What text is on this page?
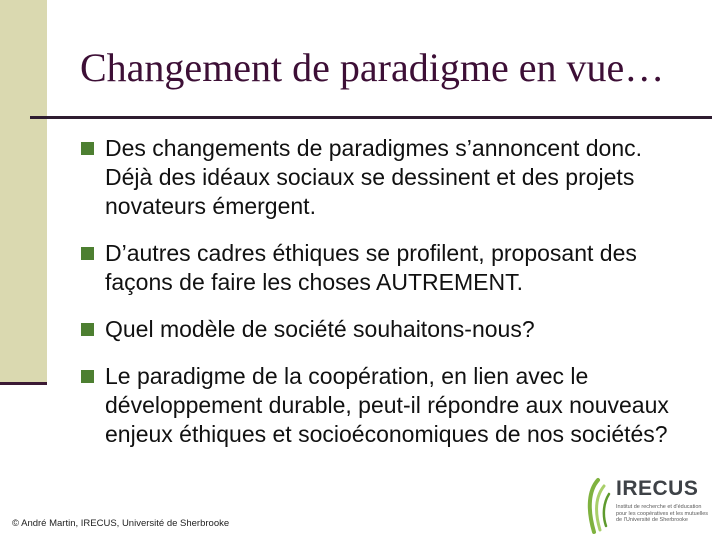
Changement de paradigme en vue…
Des changements de paradigmes s’annoncent donc. Déjà des idéaux sociaux se dessinent et des projets novateurs émergent.
D’autres cadres éthiques se profilent, proposant des façons de faire les choses AUTREMENT.
Quel modèle de société souhaitons-nous?
Le paradigme de la coopération, en lien avec le développement durable, peut-il répondre aux nouveaux enjeux éthiques et socioéconomiques de nos sociétés?
© André Martin, IRECUS, Université de Sherbrooke
IRECUS
Institut de recherche et d'éducation pour les coopératives et les mutuelles de l'Université de Sherbrooke
